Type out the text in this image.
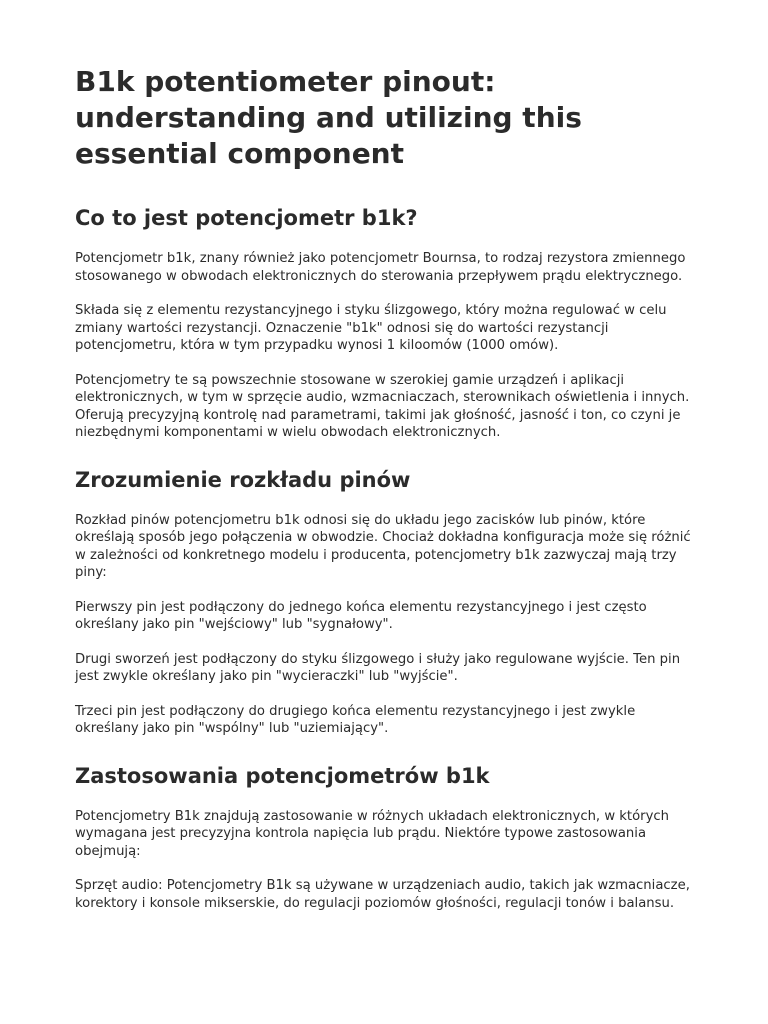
B1k potentiometer pinout: understanding and utilizing this essential component
Co to jest potencjometr b1k?

Potencjometr b1k, znany również jako potencjometr Bournsa, to rodzaj rezystora zmiennego stosowanego w obwodach elektronicznych do sterowania przepływem prądu elektrycznego.

Składa się z elementu rezystancyjnego i styku ślizgowego, który można regulować w celu zmiany wartości rezystancji. Oznaczenie "b1k" odnosi się do wartości rezystancji potencjometru, która w tym przypadku wynosi 1 kiloomów (1000 omów).

Potencjometry te są powszechnie stosowane w szerokiej gamie urządzeń i aplikacji elektronicznych, w tym w sprzęcie audio, wzmacniaczach, sterownikach oświetlenia i innych. Oferują precyzyjną kontrolę nad parametrami, takimi jak głośność, jasność i ton, co czyni je niezbędnymi komponentami w wielu obwodach elektronicznych.

Zrozumienie rozkładu pinów

Rozkład pinów potencjometru b1k odnosi się do układu jego zacisków lub pinów, które określają sposób jego połączenia w obwodzie. Chociaż dokładna konfiguracja może się różnić w zależności od konkretnego modelu i producenta, potencjometry b1k zazwyczaj mają trzy piny:

Pierwszy pin jest podłączony do jednego końca elementu rezystancyjnego i jest często określany jako pin "wejściowy" lub "sygnałowy".

Drugi sworzeń jest podłączony do styku ślizgowego i służy jako regulowane wyjście. Ten pin jest zwykle określany jako pin "wycieraczki" lub "wyjście".

Trzeci pin jest podłączony do drugiego końca elementu rezystancyjnego i jest zwykle określany jako pin "wspólny" lub "uziemiający".

Zastosowania potencjometrów b1k

Potencjometry B1k znajdują zastosowanie w różnych układach elektronicznych, w których wymagana jest precyzyjna kontrola napięcia lub prądu. Niektóre typowe zastosowania obejmują:

Sprzęt audio: Potencjometry B1k są używane w urządzeniach audio, takich jak wzmacniacze, korektory i konsole mikserskie, do regulacji poziomów głośności, regulacji tonów i balansu.
